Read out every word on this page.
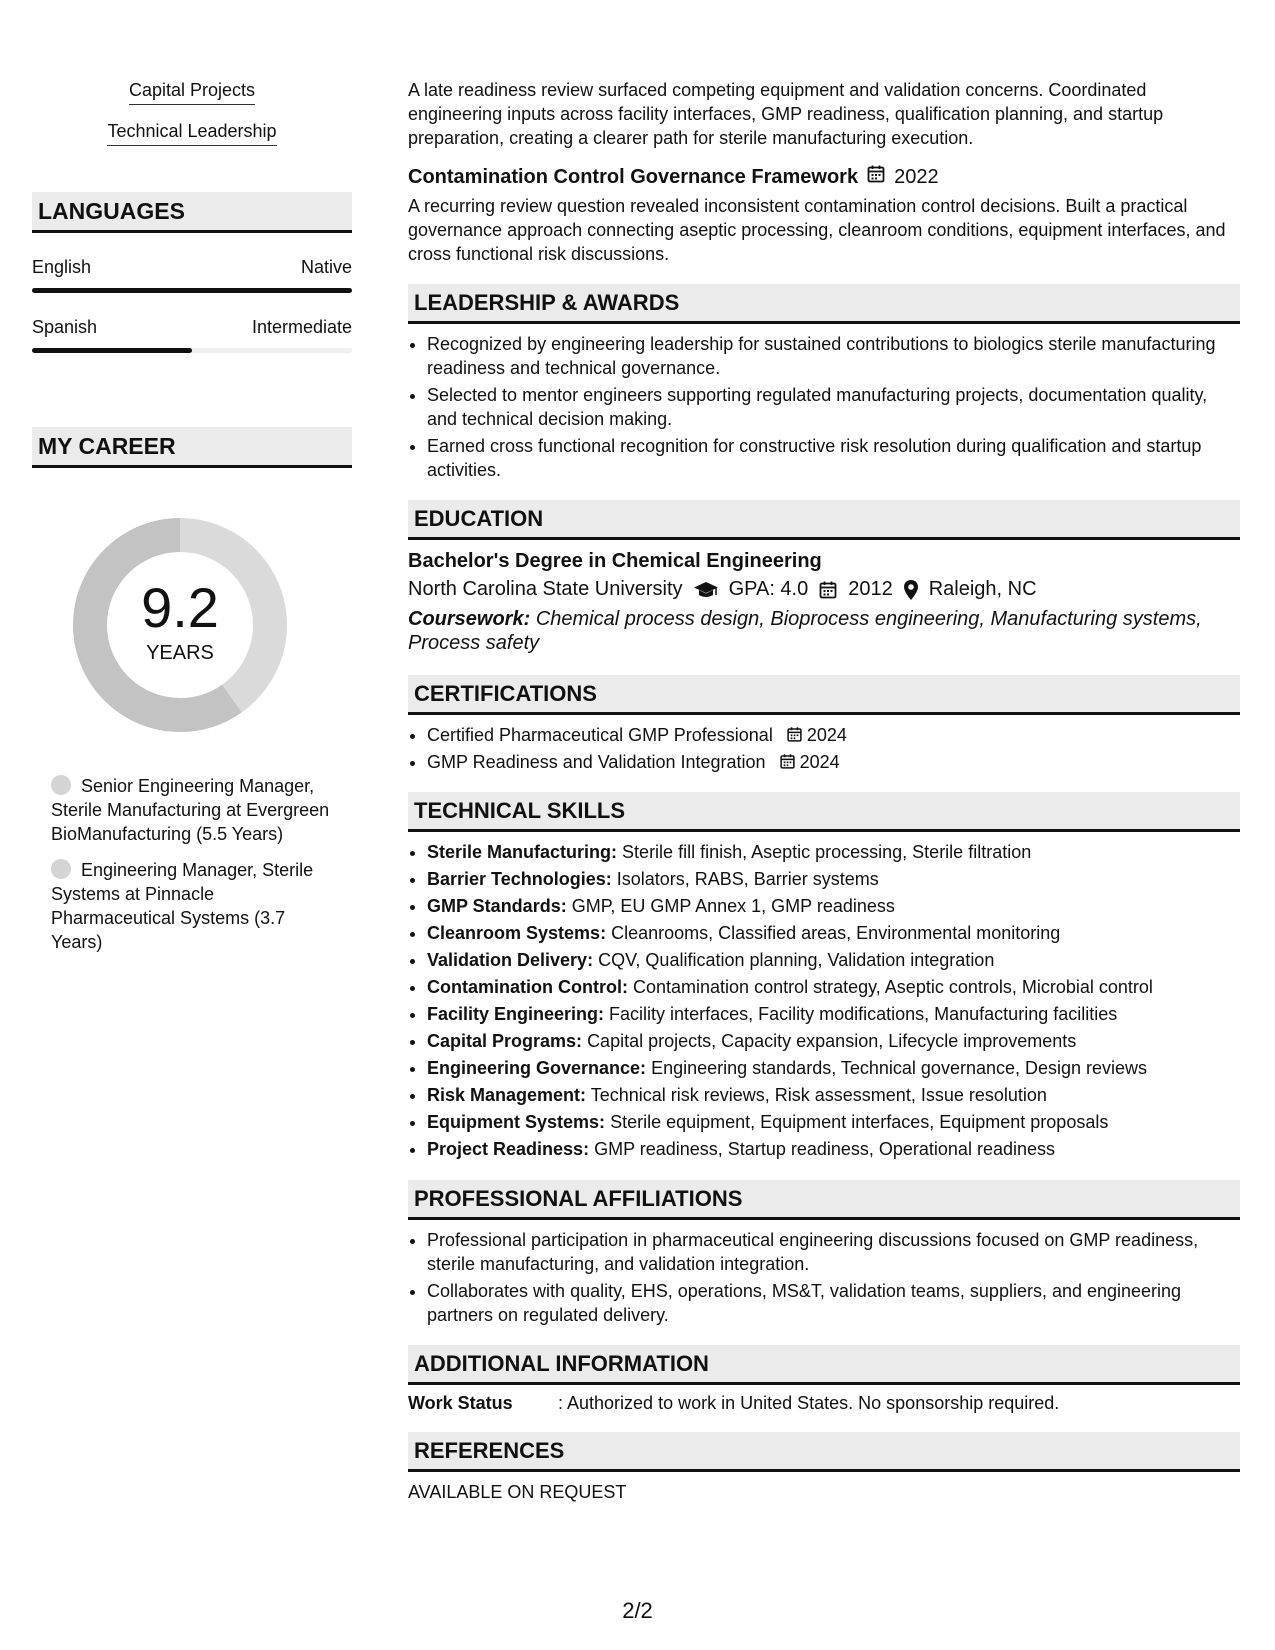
Capital Projects
Technical Leadership
LANGUAGES
English	Native
Spanish	Intermediate
MY CAREER
9.2
YEARS
Senior Engineering Manager, Sterile Manufacturing at Evergreen BioManufacturing (5.5 Years)
Engineering Manager, Sterile Systems at Pinnacle Pharmaceutical Systems (3.7 Years)

A late readiness review surfaced competing equipment and validation concerns. Coordinated engineering inputs across facility interfaces, GMP readiness, qualification planning, and startup preparation, creating a clearer path for sterile manufacturing execution.

Contamination Control Governance Framework 2022

A recurring review question revealed inconsistent contamination control decisions. Built a practical governance approach connecting aseptic processing, cleanroom conditions, equipment interfaces, and cross functional risk discussions.

LEADERSHIP & AWARDS
• Recognized by engineering leadership for sustained contributions to biologics sterile manufacturing readiness and technical governance.
• Selected to mentor engineers supporting regulated manufacturing projects, documentation quality, and technical decision making.
• Earned cross functional recognition for constructive risk resolution during qualification and startup activities.
EDUCATION
Bachelor's Degree in Chemical Engineering
North Carolina State University GPA: 4.0 2012 Raleigh, NC
Coursework: Chemical process design, Bioprocess engineering, Manufacturing systems, Process safety
CERTIFICATIONS
• Certified Pharmaceutical GMP Professional 2024
• GMP Readiness and Validation Integration 2024
TECHNICAL SKILLS
• Sterile Manufacturing: Sterile fill finish, Aseptic processing, Sterile filtration
• Barrier Technologies: Isolators, RABS, Barrier systems
• GMP Standards: GMP, EU GMP Annex 1, GMP readiness
• Cleanroom Systems: Cleanrooms, Classified areas, Environmental monitoring
• Validation Delivery: CQV, Qualification planning, Validation integration
• Contamination Control: Contamination control strategy, Aseptic controls, Microbial control
• Facility Engineering: Facility interfaces, Facility modifications, Manufacturing facilities
• Capital Programs: Capital projects, Capacity expansion, Lifecycle improvements
• Engineering Governance: Engineering standards, Technical governance, Design reviews
• Risk Management: Technical risk reviews, Risk assessment, Issue resolution
• Equipment Systems: Sterile equipment, Equipment interfaces, Equipment proposals
• Project Readiness: GMP readiness, Startup readiness, Operational readiness
PROFESSIONAL AFFILIATIONS
• Professional participation in pharmaceutical engineering discussions focused on GMP readiness, sterile manufacturing, and validation integration.
• Collaborates with quality, EHS, operations, MS&T, validation teams, suppliers, and engineering partners on regulated delivery.
ADDITIONAL INFORMATION
Work Status	: Authorized to work in United States. No sponsorship required.
REFERENCES
AVAILABLE ON REQUEST
2/2
